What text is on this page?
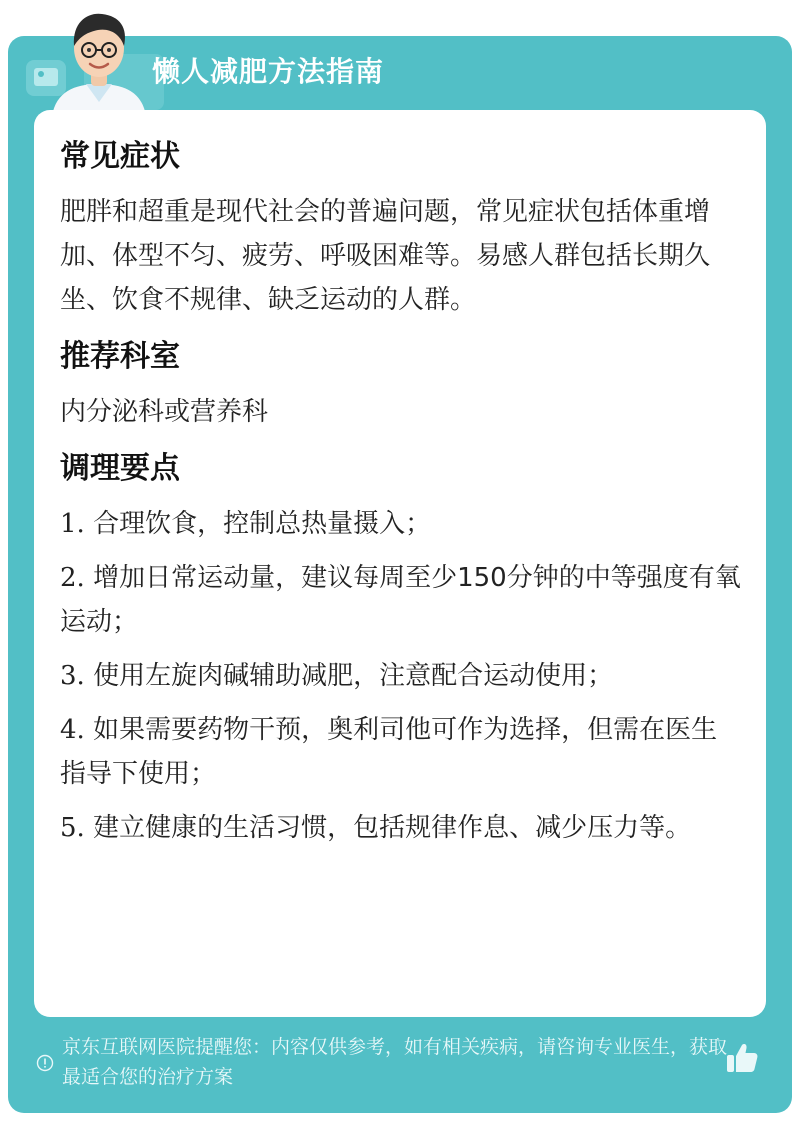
懒人减肥方法指南
常见症状
肥胖和超重是现代社会的普遍问题，常见症状包括体重增加、体型不匀、疲劳、呼吸困难等。易感人群包括长期久坐、饮食不规律、缺乏运动的人群。
推荐科室
内分泌科或营养科
调理要点
1. 合理饮食，控制总热量摄入；
2. 增加日常运动量，建议每周至少150分钟的中等强度有氧运动；
3. 使用左旋肉碱辅助减肥，注意配合运动使用；
4. 如果需要药物干预，奥利司他可作为选择，但需在医生指导下使用；
5. 建立健康的生活习惯，包括规律作息、减少压力等。
京东互联网医院提醒您：内容仅供参考，如有相关疾病，请咨询专业医生，获取最适合您的治疗方案
